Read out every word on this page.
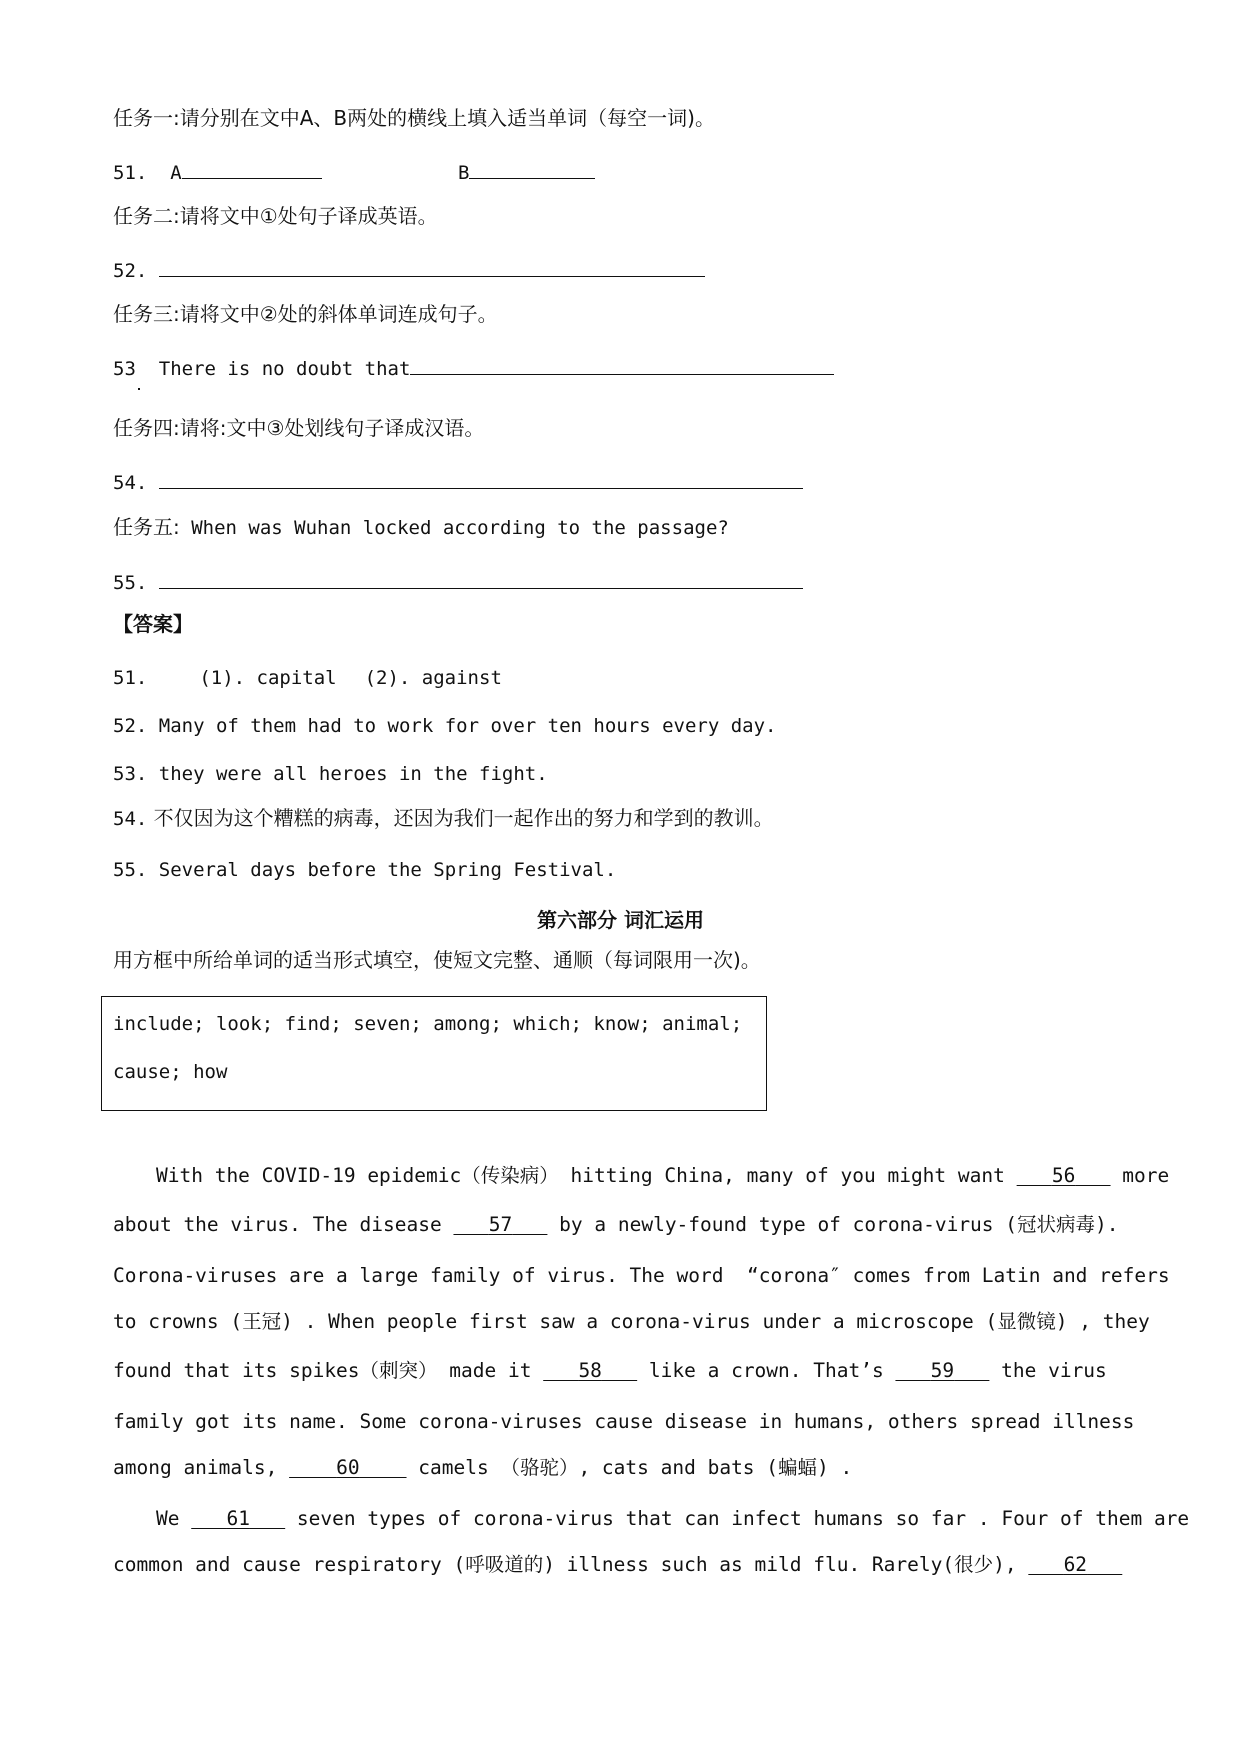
任务一:请分别在文中A、B两处的横线上填入适当单词（每空一词)。
51. A	B
任务二:请将文中①处句子译成英语。
52.
任务三:请将文中②处的斜体单词连成句子。
53  There is no doubt that
任务四:请将:文中③处划线句子译成汉语。
54.
任务五: When was Wuhan locked according to the passage?
55.
【答案】
51.	(1). capital (2). against
52. Many of them had to work for over ten hours every day.
53. they were all heroes in the fight.
54. 不仅因为这个糟糕的病毒，还因为我们一起作出的努力和学到的教训。
55. Several days before the Spring Festival.
第六部分 词汇运用
用方框中所给单词的适当形式填空，使短文完整、通顺（每词限用一次)。
include; look; find; seven; among; which; know; animal;
cause; how
With the COVID-19 epidemic（传染病） hitting China, many of you might want    56    more
about the virus. The disease    57    by a newly-found type of corona-virus (冠状病毒).
Corona-viruses are a large family of virus. The word  “corona″ comes from Latin and refers
to crowns (王冠) . When people first saw a corona-virus under a microscope (显微镜) , they
found that its spikes（刺突） made it    58    like a crown. That’s    59    the virus
family got its name. Some corona-viruses cause disease in humans, others spread illness
among animals,     60     camels （骆驼）, cats and bats (蝙蝠) .
We    61    seven types of corona-virus that can infect humans so far . Four of them are
common and cause respiratory (呼吸道的) illness such as mild flu. Rarely(很少),    62
